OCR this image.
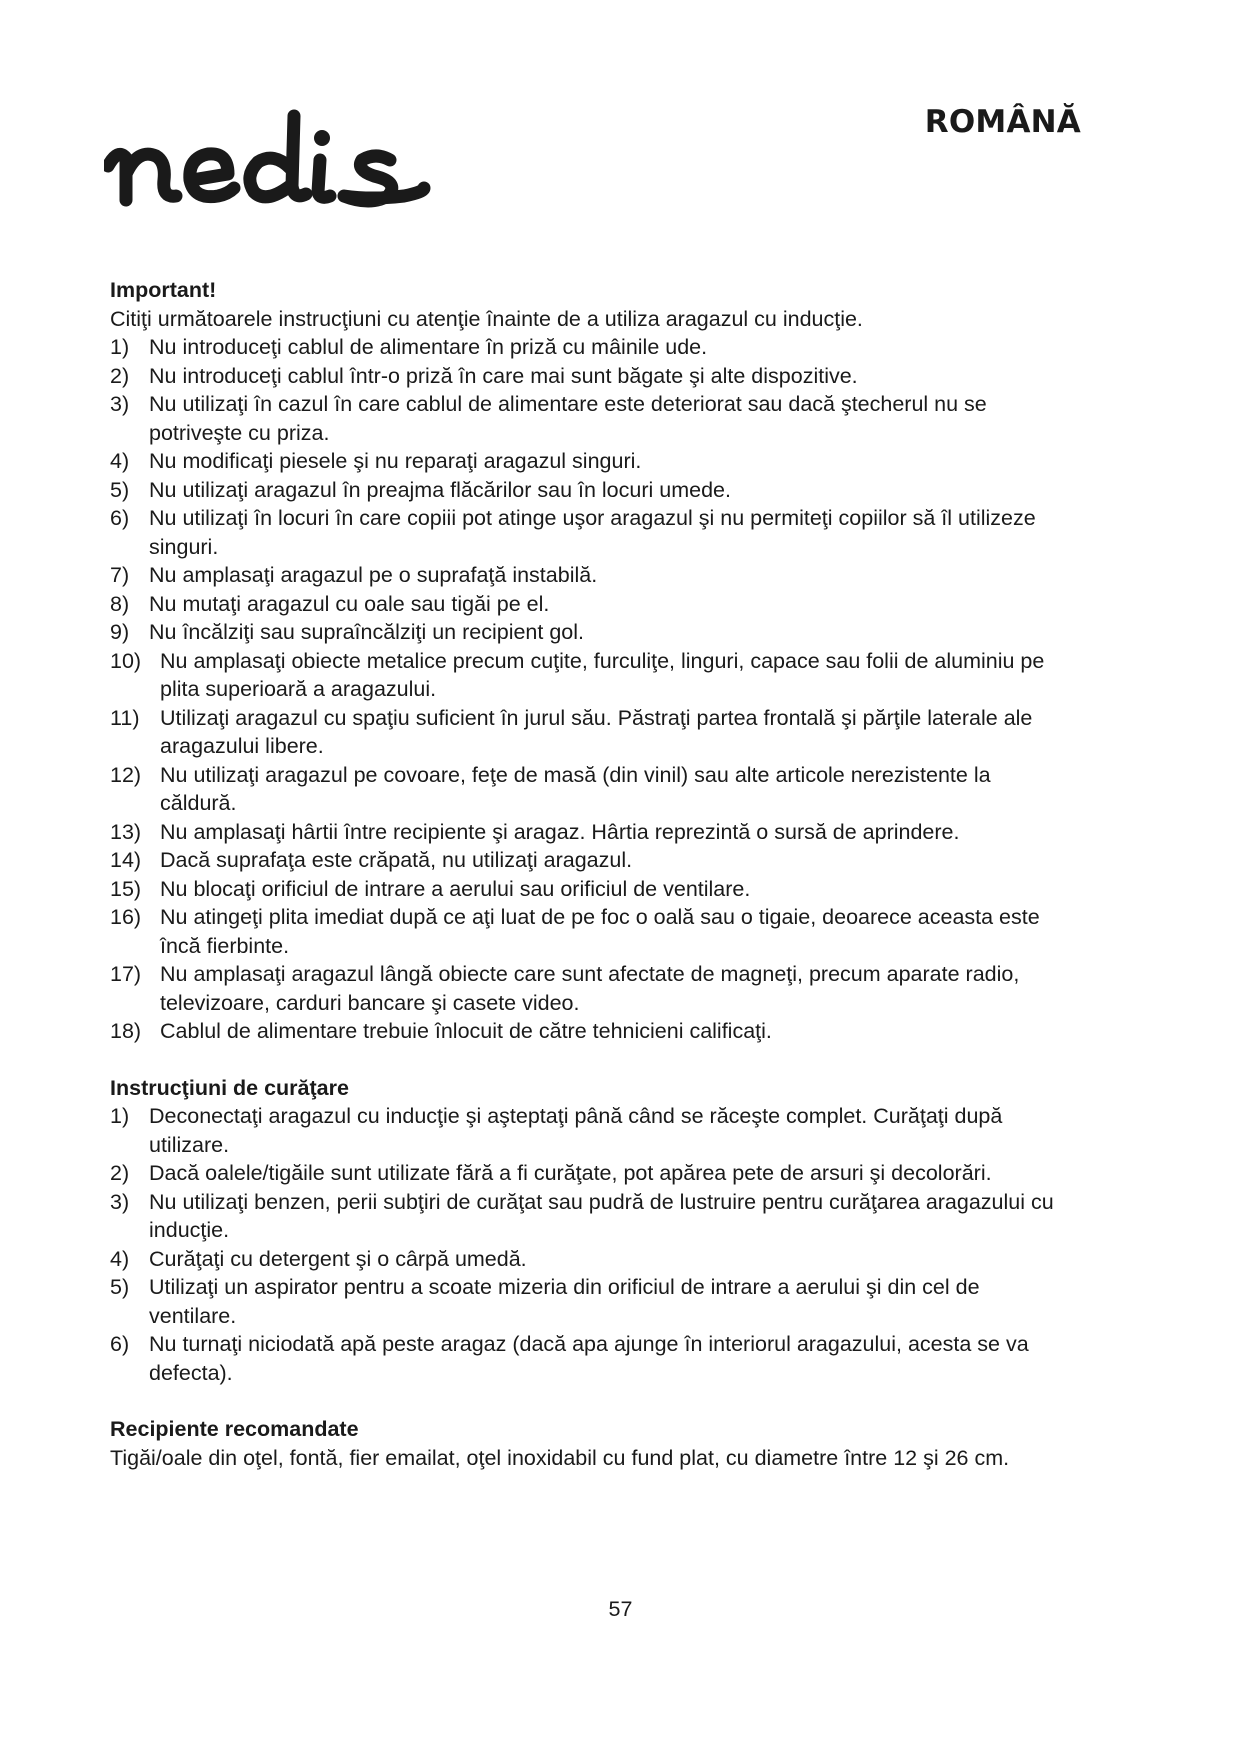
ROMÂNĂ
Important!

Citiţi următoarele instrucţiuni cu atenţie înainte de a utiliza aragazul cu inducţie.

1) Nu introduceţi cablul de alimentare în priză cu mâinile ude.
2) Nu introduceţi cablul într-o priză în care mai sunt băgate şi alte dispozitive.
3) Nu utilizaţi în cazul în care cablul de alimentare este deteriorat sau dacă ştecherul nu se potriveşte cu priza.
4) Nu modificaţi piesele şi nu reparaţi aragazul singuri.
5) Nu utilizaţi aragazul în preajma flăcărilor sau în locuri umede.
6) Nu utilizaţi în locuri în care copiii pot atinge uşor aragazul şi nu permiteţi copiilor să îl utilizeze singuri.
7) Nu amplasaţi aragazul pe o suprafaţă instabilă.
8) Nu mutaţi aragazul cu oale sau tigăi pe el.
9) Nu încălziţi sau supraîncălziţi un recipient gol.
10) Nu amplasaţi obiecte metalice precum cuţite, furculiţe, linguri, capace sau folii de aluminiu pe plita superioară a aragazului.
11) Utilizaţi aragazul cu spaţiu suficient în jurul său. Păstraţi partea frontală şi părţile laterale ale aragazului libere.
12) Nu utilizaţi aragazul pe covoare, feţe de masă (din vinil) sau alte articole nerezistente la căldură.
13) Nu amplasaţi hârtii între recipiente şi aragaz. Hârtia reprezintă o sursă de aprindere.
14) Dacă suprafaţa este crăpată, nu utilizaţi aragazul.
15) Nu blocaţi orificiul de intrare a aerului sau orificiul de ventilare.
16) Nu atingeţi plita imediat după ce aţi luat de pe foc o oală sau o tigaie, deoarece aceasta este încă fierbinte.
17) Nu amplasaţi aragazul lângă obiecte care sunt afectate de magneţi, precum aparate radio, televizoare, carduri bancare şi casete video.
18) Cablul de alimentare trebuie înlocuit de către tehnicieni calificaţi.
Instrucţiuni de curăţare
1) Deconectaţi aragazul cu inducţie şi aşteptaţi până când se răceşte complet. Curăţaţi după utilizare.
2) Dacă oalele/tigăile sunt utilizate fără a fi curăţate, pot apărea pete de arsuri şi decolorări.
3) Nu utilizaţi benzen, perii subţiri de curăţat sau pudră de lustruire pentru curăţarea aragazului cu inducţie.
4) Curăţaţi cu detergent şi o cârpă umedă.
5) Utilizaţi un aspirator pentru a scoate mizeria din orificiul de intrare a aerului şi din cel de ventilare.
6) Nu turnaţi niciodată apă peste aragaz (dacă apa ajunge în interiorul aragazului, acesta se va defecta).
Recipiente recomandate

Tigăi/oale din oţel, fontă, fier emailat, oţel inoxidabil cu fund plat, cu diametre între 12 şi 26 cm.

57
